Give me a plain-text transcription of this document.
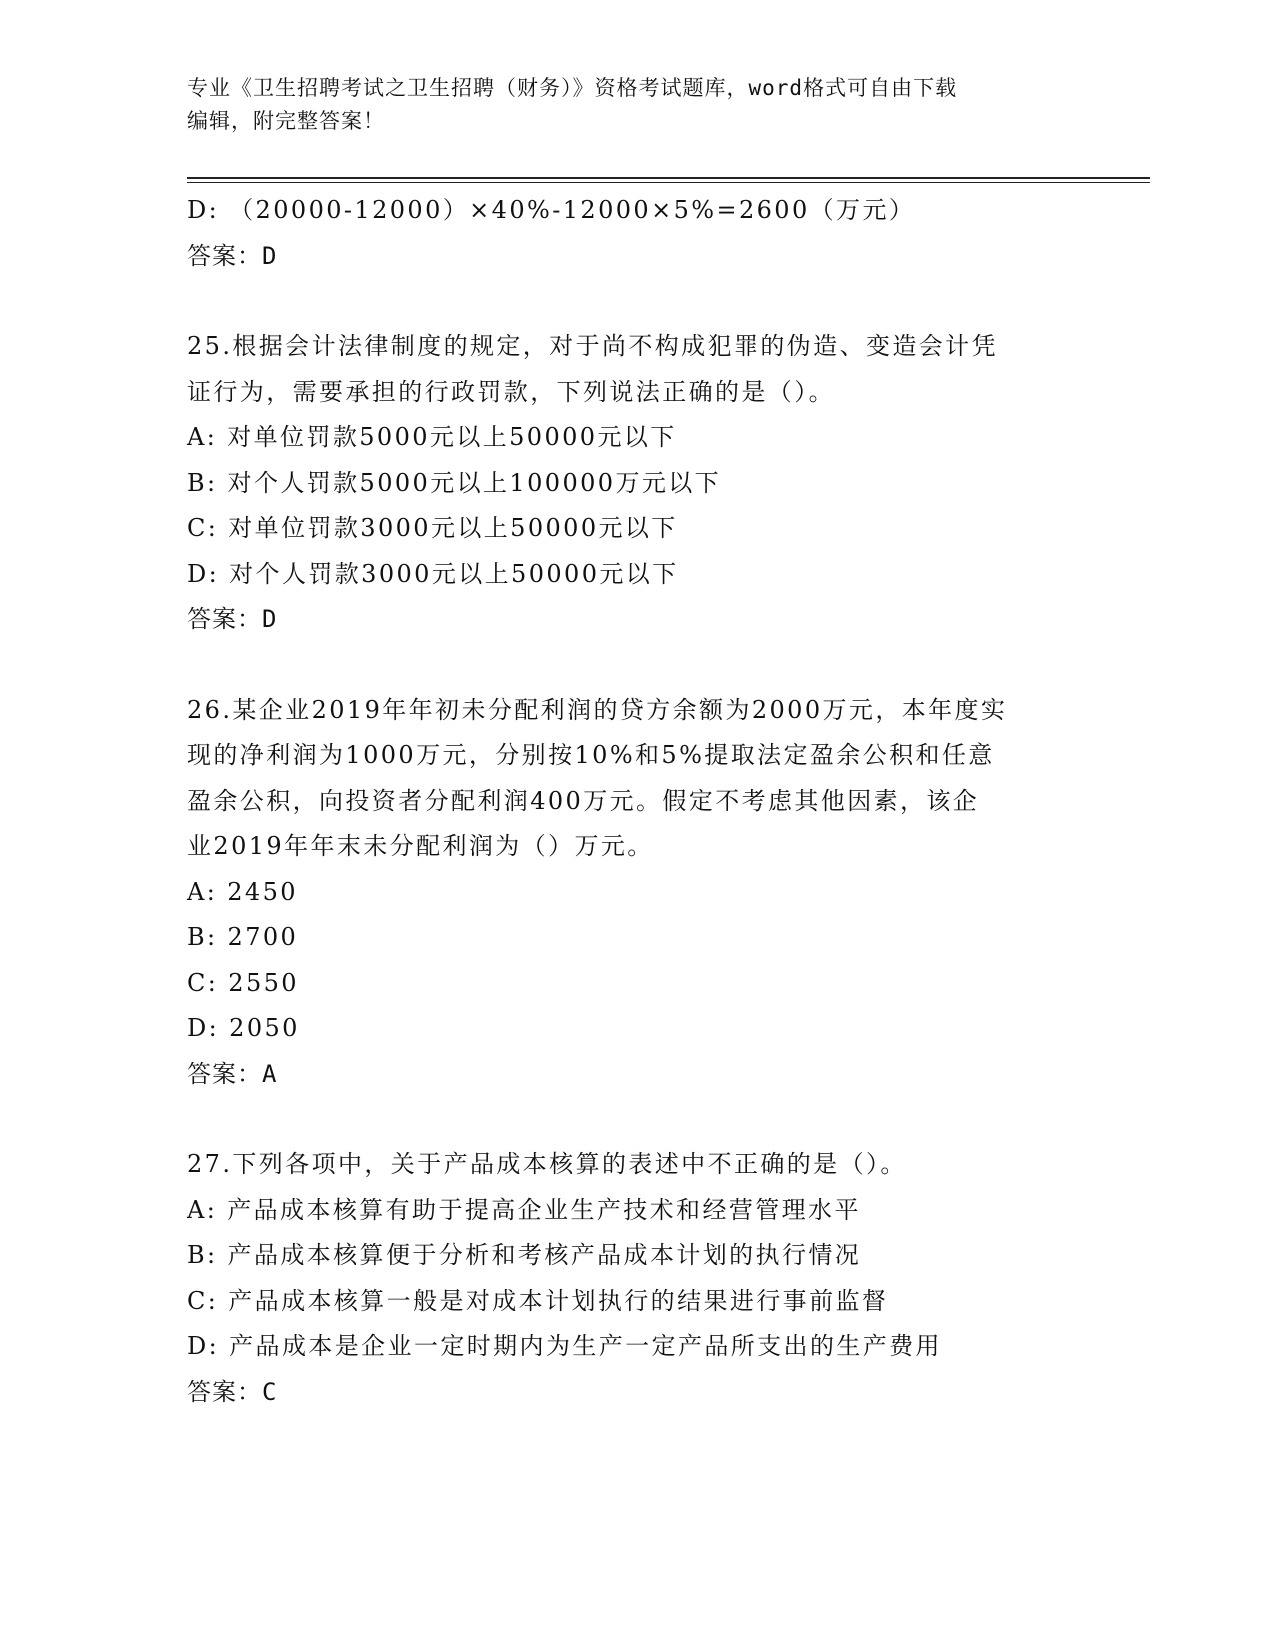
专业《卫生招聘考试之卫生招聘（财务）》资格考试题库，word格式可自由下载
编辑，附完整答案！
D: （20000-12000）×40%-12000×5%=2600（万元）
答案：D
25.根据会计法律制度的规定，对于尚不构成犯罪的伪造、变造会计凭
证行为，需要承担的行政罚款，下列说法正确的是（）。
A: 对单位罚款5000元以上50000元以下
B: 对个人罚款5000元以上100000万元以下
C: 对单位罚款3000元以上50000元以下
D: 对个人罚款3000元以上50000元以下
答案：D
26.某企业2019年年初未分配利润的贷方余额为2000万元，本年度实
现的净利润为1000万元，分别按10%和5%提取法定盈余公积和任意
盈余公积，向投资者分配利润400万元。假定不考虑其他因素，该企
业2019年年末未分配利润为（）万元。
A: 2450
B: 2700
C: 2550
D: 2050
答案：A
27.下列各项中，关于产品成本核算的表述中不正确的是（）。
A: 产品成本核算有助于提高企业生产技术和经营管理水平
B: 产品成本核算便于分析和考核产品成本计划的执行情况
C: 产品成本核算一般是对成本计划执行的结果进行事前监督
D: 产品成本是企业一定时期内为生产一定产品所支出的生产费用
答案：C
